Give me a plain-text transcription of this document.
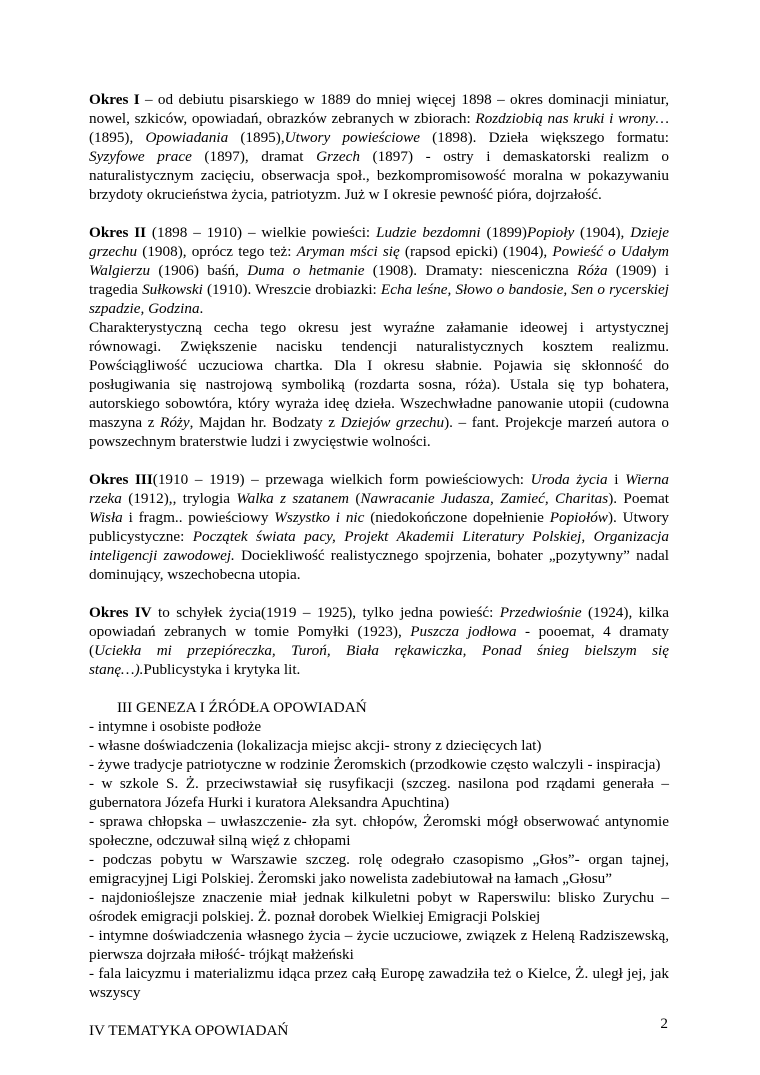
Okres I – od debiutu pisarskiego w 1889 do mniej więcej 1898 – okres dominacji miniatur, nowel, szkiców, opowiadań, obrazków zebranych w zbiorach: Rozdziobią nas kruki i wrony… (1895), Opowiadania (1895),Utwory powieściowe (1898). Dzieła większego formatu: Syzyfowe prace (1897), dramat Grzech (1897) - ostry i demaskatorski realizm o naturalistycznym zacięciu, obserwacja społ., bezkompromisowość moralna w pokazywaniu brzydoty okrucieństwa życia, patriotyzm. Już w I okresie pewność pióra, dojrzałość.

Okres II (1898 – 1910) – wielkie powieści: Ludzie bezdomni (1899)Popioły (1904), Dzieje grzechu (1908), oprócz tego też: Aryman mści się (rapsod epicki) (1904), Powieść o Udałym Walgierzu (1906) baśń, Duma o hetmanie (1908). Dramaty: niesceniczna Róża (1909) i tragedia Sułkowski (1910). Wreszcie drobiazki: Echa leśne, Słowo o bandosie, Sen o rycerskiej szpadzie, Godzina.

Charakterystyczną cecha tego okresu jest wyraźne załamanie ideowej i artystycznej równowagi. Zwiększenie nacisku tendencji naturalistycznych kosztem realizmu. Powściągliwość uczuciowa chartka. Dla I okresu słabnie. Pojawia się skłonność do posługiwania się nastrojową symboliką (rozdarta sosna, róża). Ustala się typ bohatera, autorskiego sobowtóra, który wyraża ideę dzieła. Wszechwładne panowanie utopii (cudowna maszyna z Róży, Majdan hr. Bodzaty z Dziejów grzechu). – fant. Projekcje marzeń autora o powszechnym braterstwie ludzi i zwycięstwie wolności.

Okres III(1910 – 1919) – przewaga wielkich form powieściowych: Uroda życia i Wierna rzeka (1912),, trylogia Walka z szatanem (Nawracanie Judasza, Zamieć, Charitas). Poemat Wisła i fragm.. powieściowy Wszystko i nic (niedokończone dopełnienie Popiołów). Utwory publicystyczne: Początek świata pacy, Projekt Akademii Literatury Polskiej, Organizacja inteligencji zawodowej. Dociekliwość realistycznego spojrzenia, bohater „pozytywny” nadal dominujący, wszechobecna utopia.

Okres IV to schyłek życia(1919 – 1925), tylko jedna powieść: Przedwiośnie (1924), kilka opowiadań zebranych w tomie Pomyłki (1923), Puszcza jodłowa - pooemat, 4 dramaty (Uciekła mi przepióreczka, Turoń, Biała rękawiczka, Ponad śnieg bielszym się stanę…).Publicystyka i krytyka lit.

III GENEZA I ŹRÓDŁA OPOWIADAŃ

- intymne i osobiste podłoże

- własne doświadczenia (lokalizacja miejsc akcji- strony z dziecięcych lat)

- żywe tradycje patriotyczne w rodzinie Żeromskich (przodkowie często walczyli - inspiracja)

- w szkole S. Ż. przeciwstawiał się rusyfikacji (szczeg. nasilona pod rządami generała – gubernatora Józefa Hurki i kuratora Aleksandra Apuchtina)

- sprawa chłopska – uwłaszczenie- zła syt. chłopów, Żeromski mógł obserwować antynomie społeczne, odczuwał silną więź z chłopami

- podczas pobytu w Warszawie szczeg. rolę odegrało czasopismo „Głos”- organ tajnej, emigracyjnej Ligi Polskiej. Żeromski jako nowelista zadebiutował na łamach „Głosu”

- najdonioślejsze znaczenie miał jednak kilkuletni pobyt w Raperswilu: blisko Zurychu – ośrodek emigracji polskiej. Ż. poznał dorobek Wielkiej Emigracji Polskiej

- intymne doświadczenia własnego życia – życie uczuciowe, związek z Heleną Radziszewską, pierwsza dojrzała miłość- trójkąt małżeński

- fala laicyzmu i materializmu idąca przez całą Europę zawadziła też o Kielce, Ż. uległ jej, jak wszyscy

IV TEMATYKA OPOWIADAŃ	2
